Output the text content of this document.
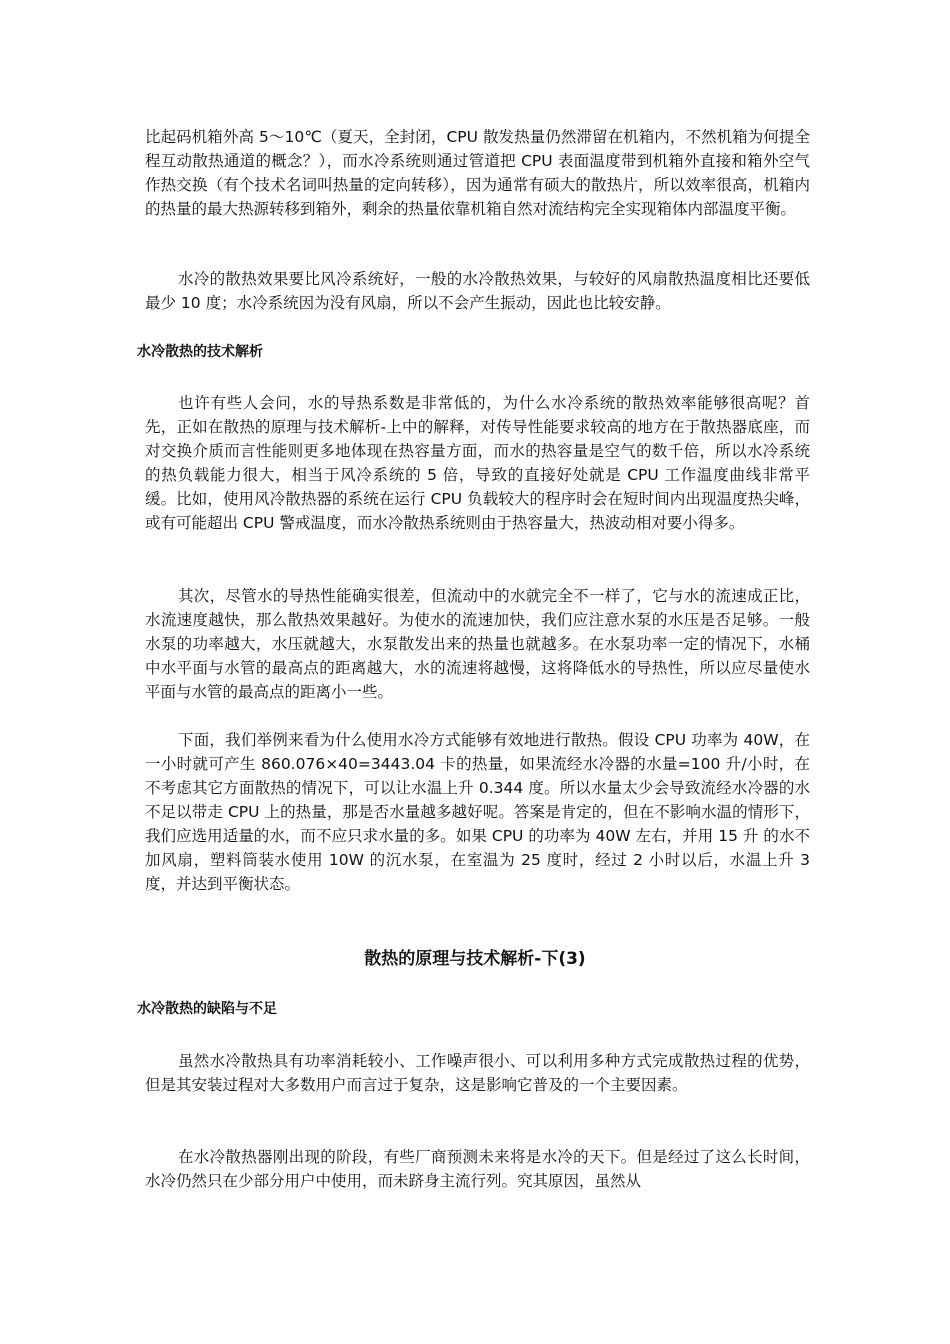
比起码机箱外高 5～10℃（夏天，全封闭，CPU 散发热量仍然滞留在机箱内，不然机箱为何提全程互动散热通道的概念？），而水冷系统则通过管道把 CPU 表面温度带到机箱外直接和箱外空气作热交换（有个技术名词叫热量的定向转移），因为通常有硕大的散热片，所以效率很高，机箱内的热量的最大热源转移到箱外，剩余的热量依靠机箱自然对流结构完全实现箱体内部温度平衡。

水冷的散热效果要比风冷系统好，一般的水冷散热效果，与较好的风扇散热温度相比还要低最少 10 度；水冷系统因为没有风扇，所以不会产生振动，因此也比较安静。

水冷散热的技术解析

也许有些人会问，水的导热系数是非常低的，为什么水冷系统的散热效率能够很高呢？首先，正如在散热的原理与技术解析-上中的解释，对传导性能要求较高的地方在于散热器底座，而对交换介质而言性能则更多地体现在热容量方面，而水的热容量是空气的数千倍，所以水冷系统的热负载能力很大，相当于风冷系统的 5 倍，导致的直接好处就是 CPU 工作温度曲线非常平缓。比如，使用风冷散热器的系统在运行 CPU 负载较大的程序时会在短时间内出现温度热尖峰，或有可能超出 CPU 警戒温度，而水冷散热系统则由于热容量大，热波动相对要小得多。

其次，尽管水的导热性能确实很差，但流动中的水就完全不一样了，它与水的流速成正比，水流速度越快，那么散热效果越好。为使水的流速加快，我们应注意水泵的水压是否足够。一般水泵的功率越大，水压就越大，水泵散发出来的热量也就越多。在水泵功率一定的情况下，水桶中水平面与水管的最高点的距离越大，水的流速将越慢，这将降低水的导热性，所以应尽量使水平面与水管的最高点的距离小一些。

下面，我们举例来看为什么使用水冷方式能够有效地进行散热。假设 CPU 功率为 40W，在一小时就可产生 860.076×40=3443.04 卡的热量，如果流经水冷器的水量=100 升/小时，在不考虑其它方面散热的情况下，可以让水温上升 0.344 度。所以水量太少会导致流经水冷器的水不足以带走 CPU 上的热量，那是否水量越多越好呢。答案是肯定的，但在不影响水温的情形下，我们应选用适量的水，而不应只求水量的多。如果 CPU 的功率为 40W 左右，并用 15 升 的水不加风扇，塑料筒装水使用 10W 的沉水泵，在室温为 25 度时，经过 2 小时以后，水温上升 3 度，并达到平衡状态。

散热的原理与技术解析-下(3)
水冷散热的缺陷与不足

虽然水冷散热具有功率消耗较小、工作噪声很小、可以利用多种方式完成散热过程的优势，但是其安装过程对大多数用户而言过于复杂，这是影响它普及的一个主要因素。

在水冷散热器刚出现的阶段，有些厂商预测未来将是水冷的天下。但是经过了这么长时间，水冷仍然只在少部分用户中使用，而未跻身主流行列。究其原因，虽然从
